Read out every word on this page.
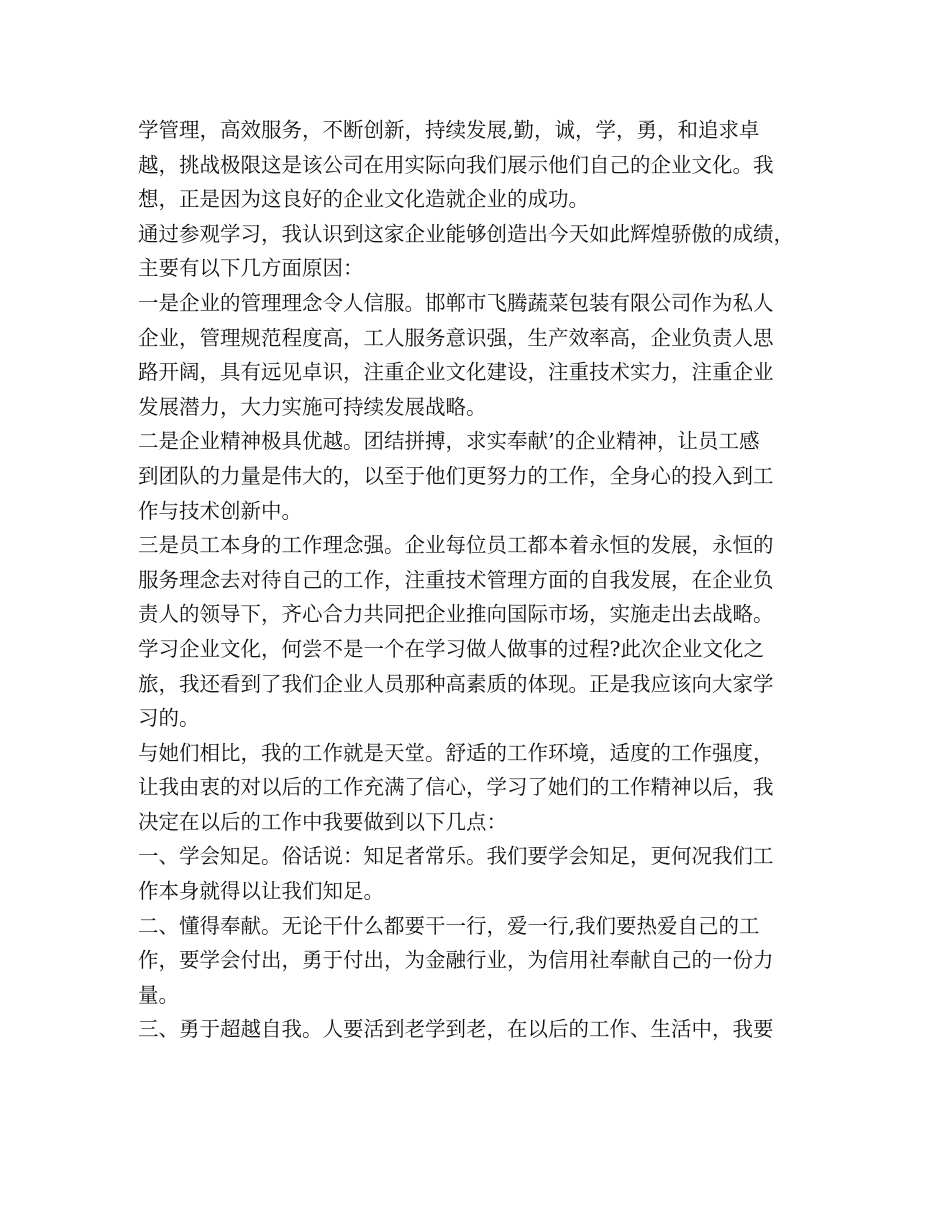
学管理，高效服务，不断创新，持续发展,勤，诚，学，勇，和追求卓
越，挑战极限这是该公司在用实际向我们展示他们自己的企业文化。我
想，正是因为这良好的企业文化造就企业的成功。
通过参观学习，我认识到这家企业能够创造出今天如此辉煌骄傲的成绩，
主要有以下几方面原因：
一是企业的管理理念令人信服。邯郸市飞腾蔬菜包装有限公司作为私人
企业，管理规范程度高，工人服务意识强，生产效率高，企业负责人思
路开阔，具有远见卓识，注重企业文化建设，注重技术实力，注重企业
发展潜力，大力实施可持续发展战略。
二是企业精神极具优越。团结拼搏，求实奉献’的企业精神，让员工感
到团队的力量是伟大的，以至于他们更努力的工作，全身心的投入到工
作与技术创新中。
三是员工本身的工作理念强。企业每位员工都本着永恒的发展，永恒的
服务理念去对待自己的工作，注重技术管理方面的自我发展，在企业负
责人的领导下，齐心合力共同把企业推向国际市场，实施走出去战略。
学习企业文化，何尝不是一个在学习做人做事的过程?此次企业文化之
旅，我还看到了我们企业人员那种高素质的体现。正是我应该向大家学
习的。
与她们相比，我的工作就是天堂。舒适的工作环境，适度的工作强度，
让我由衷的对以后的工作充满了信心，学习了她们的工作精神以后，我
决定在以后的工作中我要做到以下几点：
一、学会知足。俗话说：知足者常乐。我们要学会知足，更何况我们工
作本身就得以让我们知足。
二、懂得奉献。无论干什么都要干一行，爱一行,我们要热爱自己的工
作，要学会付出，勇于付出，为金融行业，为信用社奉献自己的一份力
量。
三、勇于超越自我。人要活到老学到老，在以后的工作、生活中，我要
